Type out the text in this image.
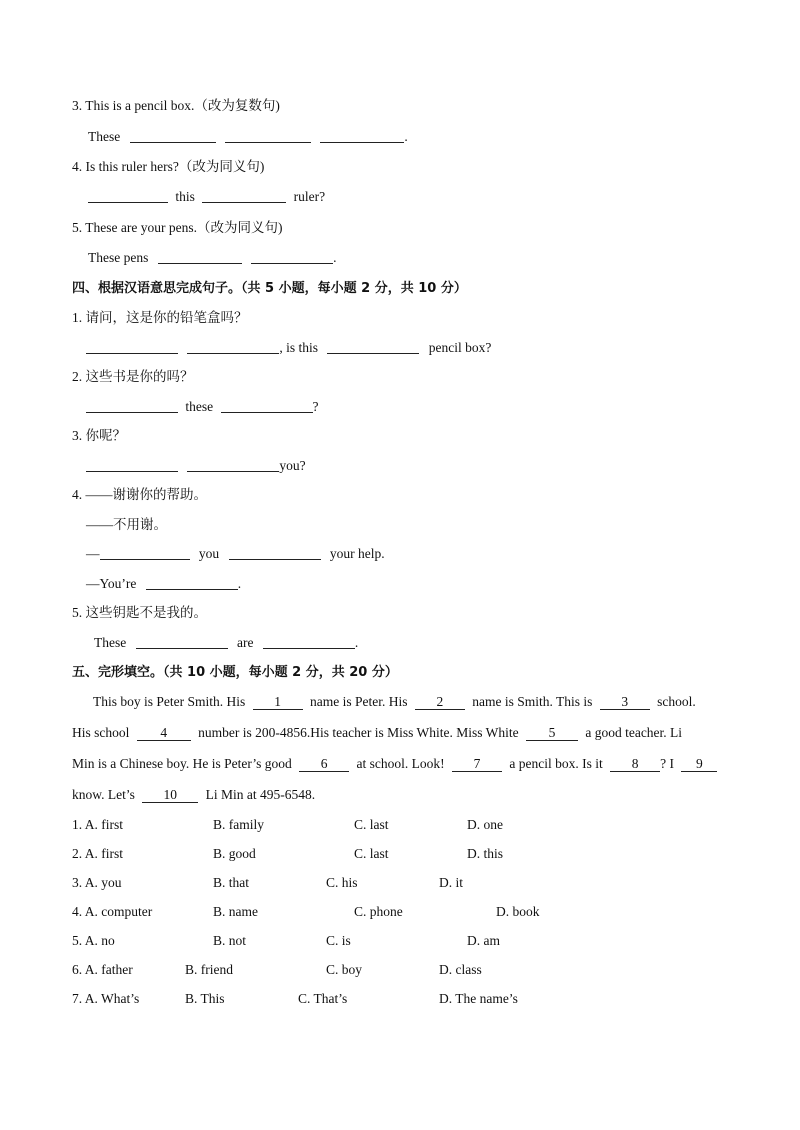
3. This is a pencil box.（改为复数句)
These	.
4. Is this ruler hers?（改为同义句)
this	ruler?
5. These are your pens.（改为同义句)
These pens	.
四、根据汉语意思完成句子。（共 5 小题，每小题 2 分，共 10 分）
1. 请问，这是你的铅笔盒吗？
, is this	pencil box?
2. 这些书是你的吗？
these	?
3. 你呢？
you?
4. ——谢谢你的帮助。
——不用谢。
—	you	your help.
—You’re	.
5. 这些钥匙不是我的。
These	are	.
五、完形填空。（共 10 小题，每小题 2 分，共 20 分）
This boy is Peter Smith. His 1 name is Peter. His 2 name is Smith. This is 3 school.
His school 4 number is 200-4856.His teacher is Miss White. Miss White 5 a good teacher. Li
Min is a Chinese boy. He is Peter’s good 6 at school. Look! 7 a pencil box. Is it 8 ? I 9
know. Let’s 10 Li Min at 495-6548.
1. A. first	B. family	C. last	D. one
2. A. first	B. good	C. last	D. this
3. A. you	B. that	C. his	D. it
4. A. computer	B. name	C. phone	D. book
5. A. no	B. not	C. is	D. am
6. A. father	B. friend	C. boy	D. class
7. A. What’s	B. This	C. That’s	D. The name’s
